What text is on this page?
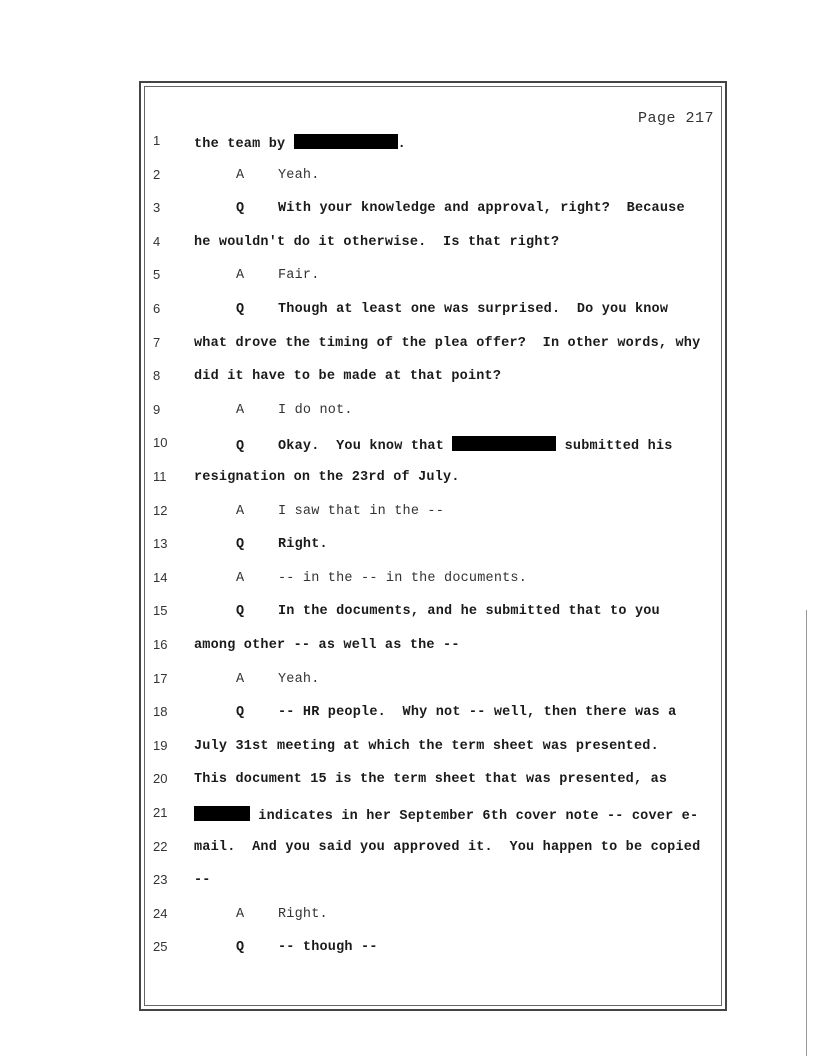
Page 217
1	the team by	.
2	A Yeah.
3	Q With your knowledge and approval, right?  Because
4	he wouldn't do it otherwise.  Is that right?
5	A Fair.
6	Q Though at least one was surprised.  Do you know
7	what drove the timing of the plea offer?  In other words, why
8	did it have to be made at that point?
9	A I do not.
10	Q Okay.  You know that	submitted his
11	resignation on the 23rd of July.
12	A I saw that in the --
13	Q Right.
14	A -- in the -- in the documents.
15	Q In the documents, and he submitted that to you
16	among other -- as well as the --
17	A Yeah.
18	Q -- HR people.  Why not -- well, then there was a
19	July 31st meeting at which the term sheet was presented.
20	This document 15 is the term sheet that was presented, as
21	indicates in her September 6th cover note -- cover e-
22	mail.  And you said you approved it.  You happen to be copied
23	--
24	A Right.
25	Q -- though --
